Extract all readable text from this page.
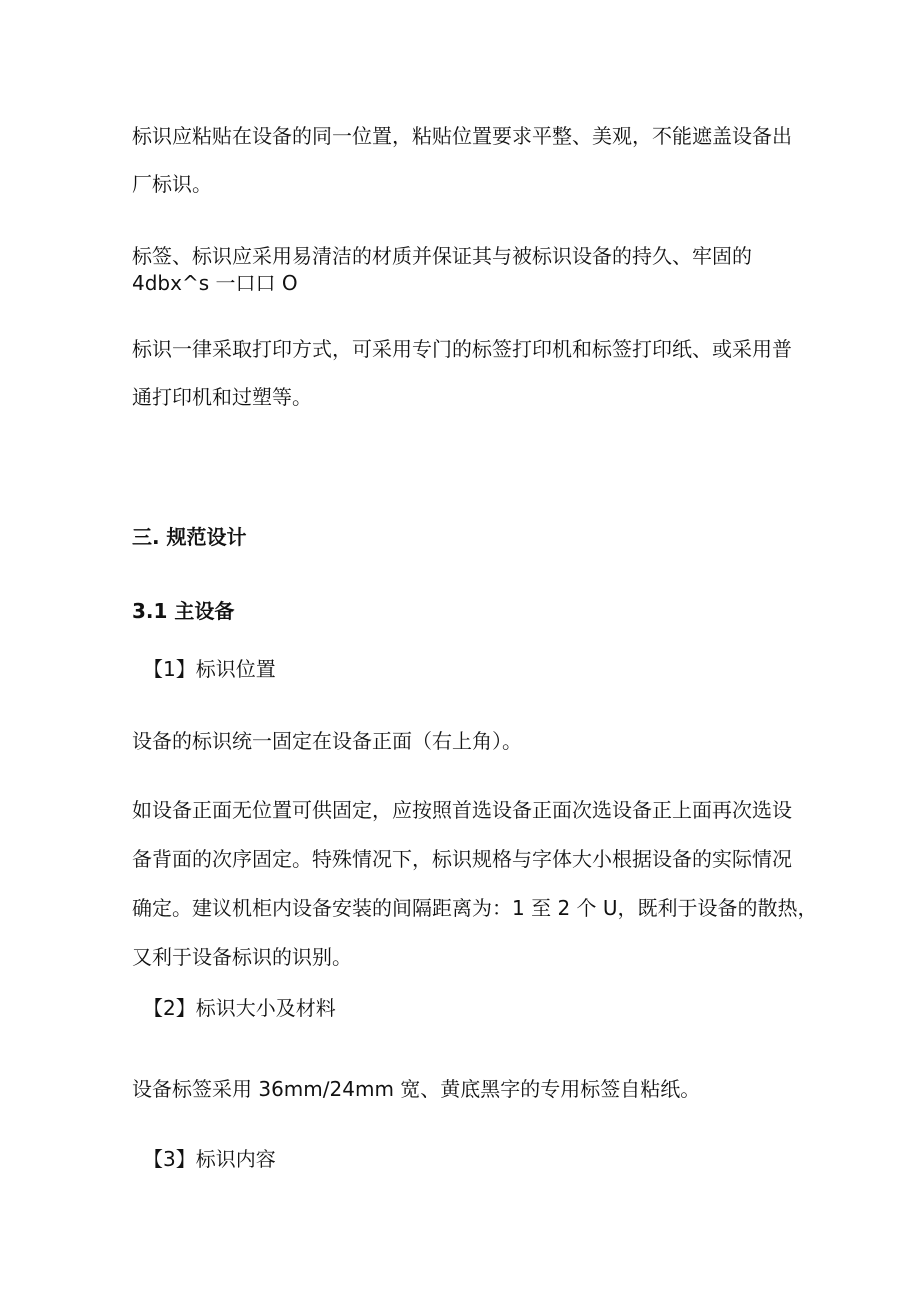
标识应粘贴在设备的同一位置，粘贴位置要求平整、美观，不能遮盖设备出

厂标识。

标签、标识应采用易清洁的材质并保证其与被标识设备的持久、牢固的

4dbx^s 一口口 O

标识一律采取打印方式，可采用专门的标签打印机和标签打印纸、或采用普

通打印机和过塑等。

三. 规范设计

3.1 主设备

【1】标识位置

设备的标识统一固定在设备正面（右上角）。

如设备正面无位置可供固定，应按照首选设备正面次选设备正上面再次选设

备背面的次序固定。特殊情况下，标识规格与字体大小根据设备的实际情况

确定。建议机柜内设备安装的间隔距离为：1 至 2 个 U，既利于设备的散热，

又利于设备标识的识别。

【2】标识大小及材料

设备标签采用 36mm∕24mm 宽、黄底黑字的专用标签自粘纸。

【3】标识内容
